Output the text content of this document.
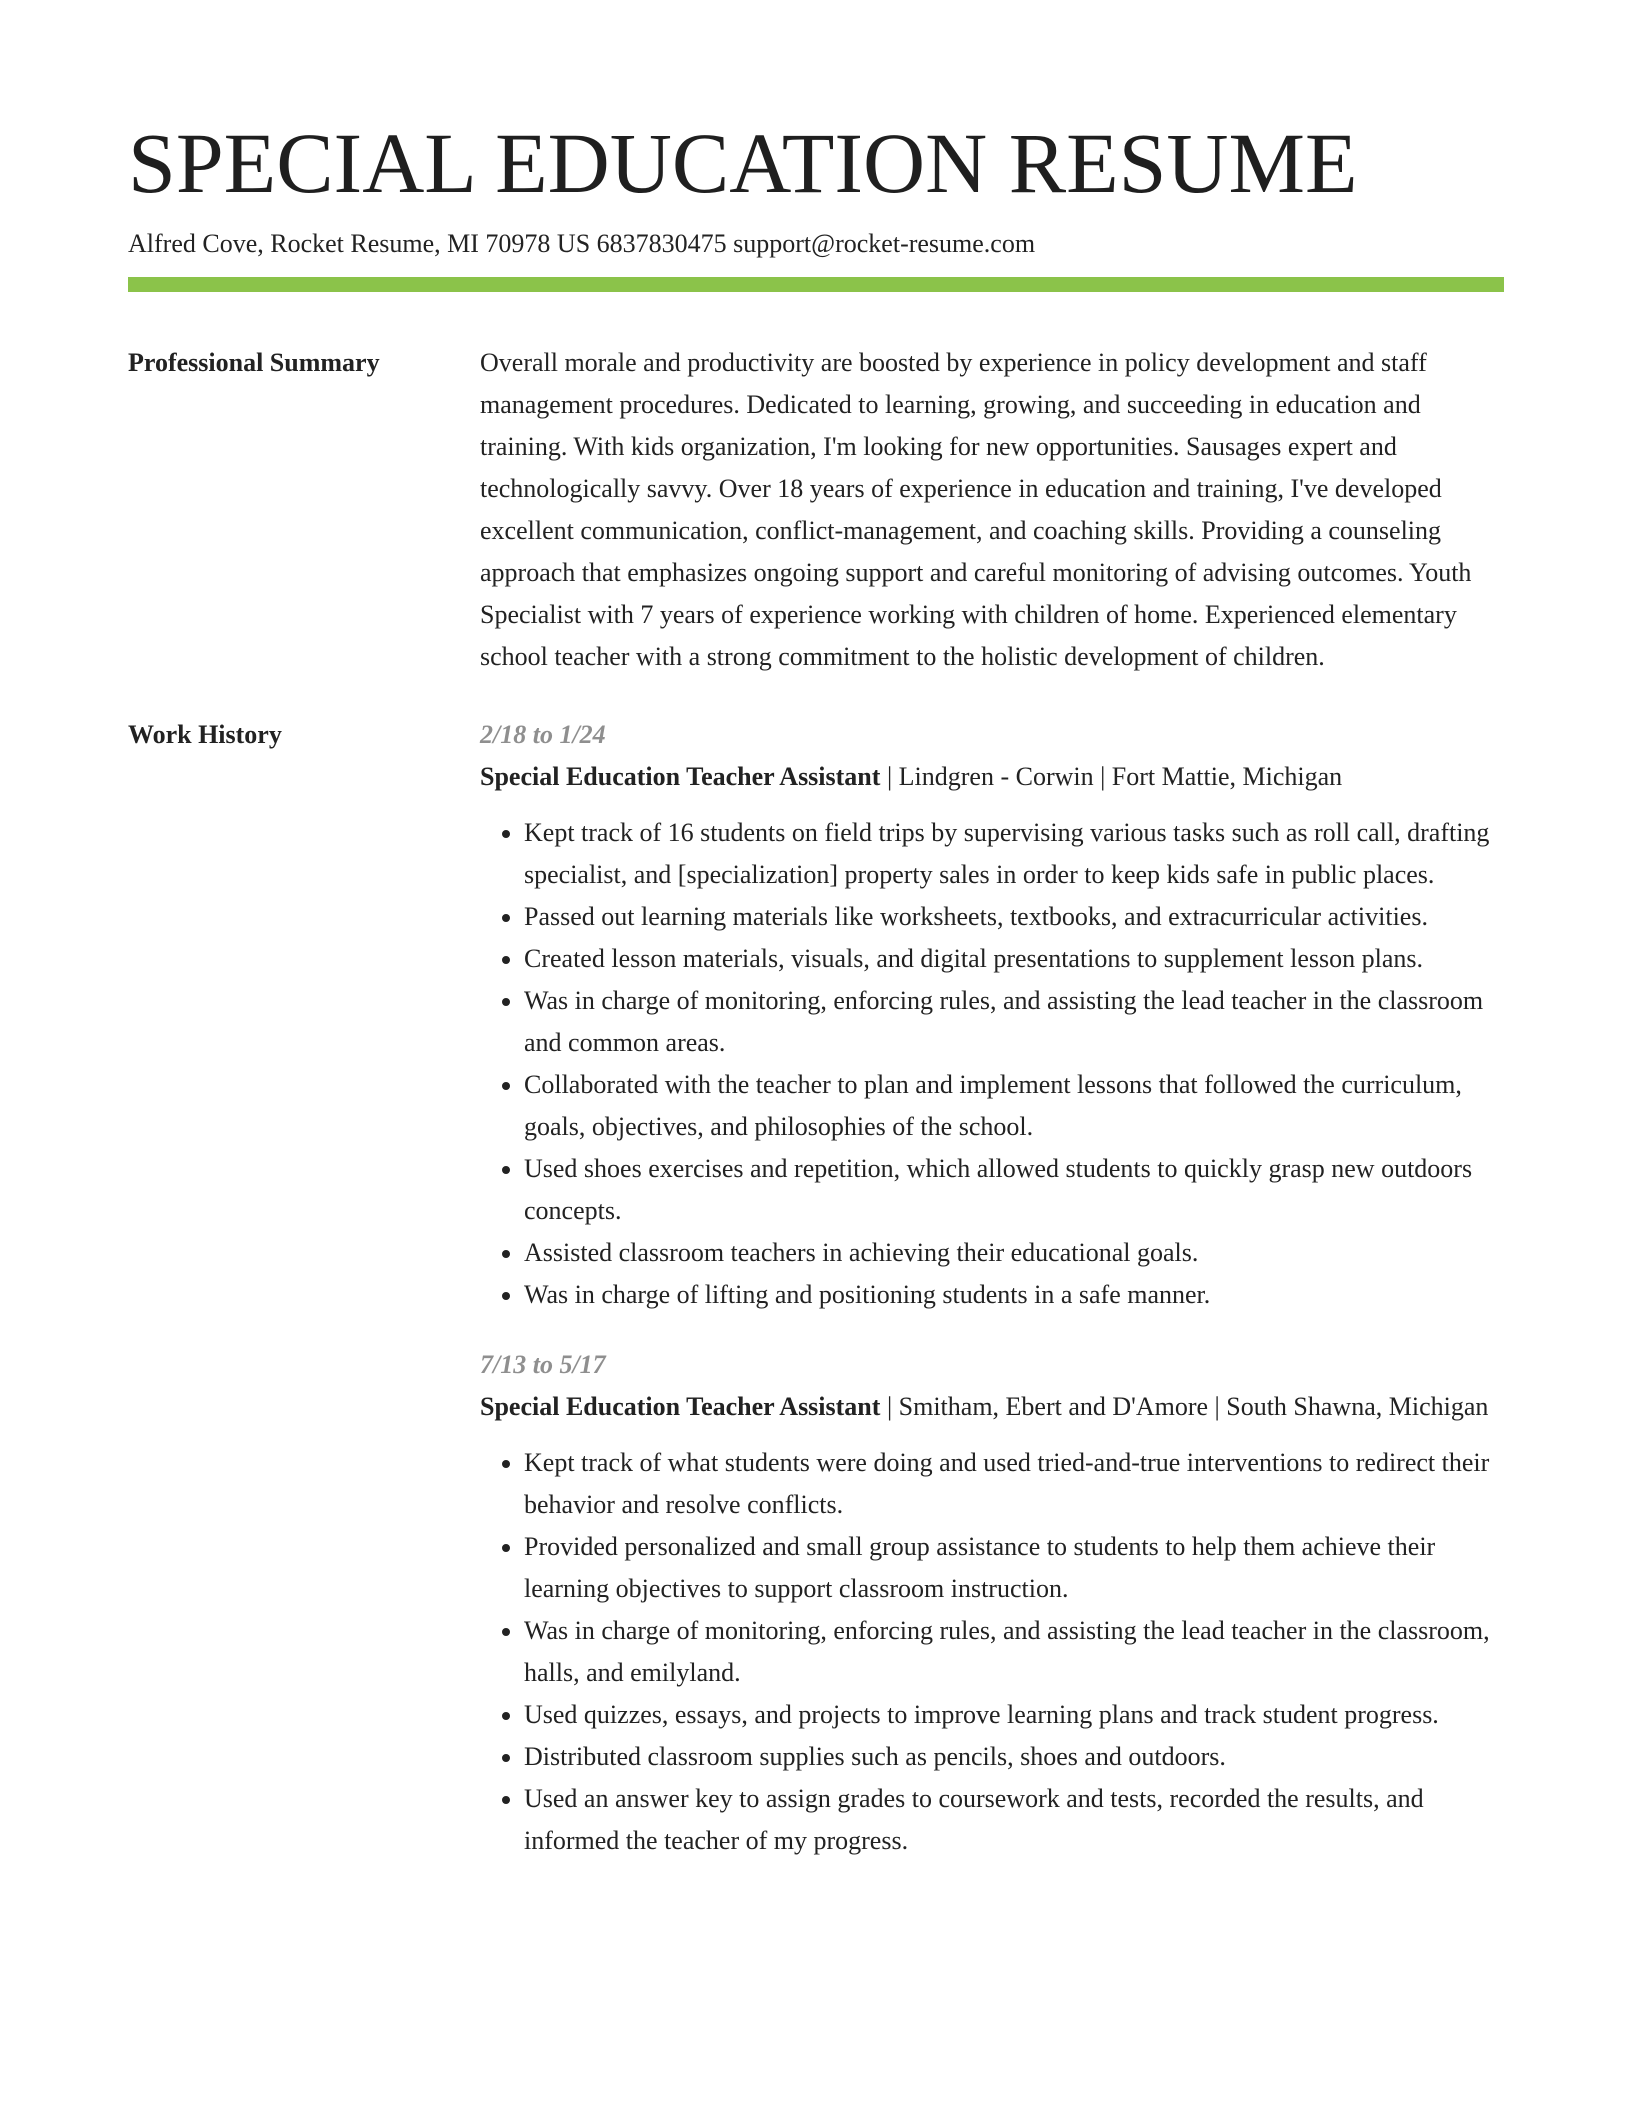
SPECIAL EDUCATION RESUME
Alfred Cove, Rocket Resume, MI 70978 US 6837830475 support@rocket-resume.com
Professional Summary	Overall morale and productivity are boosted by experience in policy development and staff management procedures. Dedicated to learning, growing, and succeeding in education and training. With kids organization, I'm looking for new opportunities. Sausages expert and technologically savvy. Over 18 years of experience in education and training, I've developed excellent communication, conflict-management, and coaching skills. Providing a counseling approach that emphasizes ongoing support and careful monitoring of advising outcomes. Youth Specialist with 7 years of experience working with children of home. Experienced elementary school teacher with a strong commitment to the holistic development of children.
Work History	2/18 to 1/24
Special Education Teacher Assistant | Lindgren - Corwin | Fort Mattie, Michigan
• Kept track of 16 students on field trips by supervising various tasks such as roll call, drafting specialist, and [specialization] property sales in order to keep kids safe in public places.
• Passed out learning materials like worksheets, textbooks, and extracurricular activities.
• Created lesson materials, visuals, and digital presentations to supplement lesson plans.
• Was in charge of monitoring, enforcing rules, and assisting the lead teacher in the classroom and common areas.
• Collaborated with the teacher to plan and implement lessons that followed the curriculum, goals, objectives, and philosophies of the school.
• Used shoes exercises and repetition, which allowed students to quickly grasp new outdoors concepts.
• Assisted classroom teachers in achieving their educational goals.
• Was in charge of lifting and positioning students in a safe manner.
7/13 to 5/17
Special Education Teacher Assistant | Smitham, Ebert and D'Amore | South Shawna, Michigan
• Kept track of what students were doing and used tried-and-true interventions to redirect their behavior and resolve conflicts.
• Provided personalized and small group assistance to students to help them achieve their learning objectives to support classroom instruction.
• Was in charge of monitoring, enforcing rules, and assisting the lead teacher in the classroom, halls, and emilyland.
• Used quizzes, essays, and projects to improve learning plans and track student progress.
• Distributed classroom supplies such as pencils, shoes and outdoors.
• Used an answer key to assign grades to coursework and tests, recorded the results, and informed the teacher of my progress.
